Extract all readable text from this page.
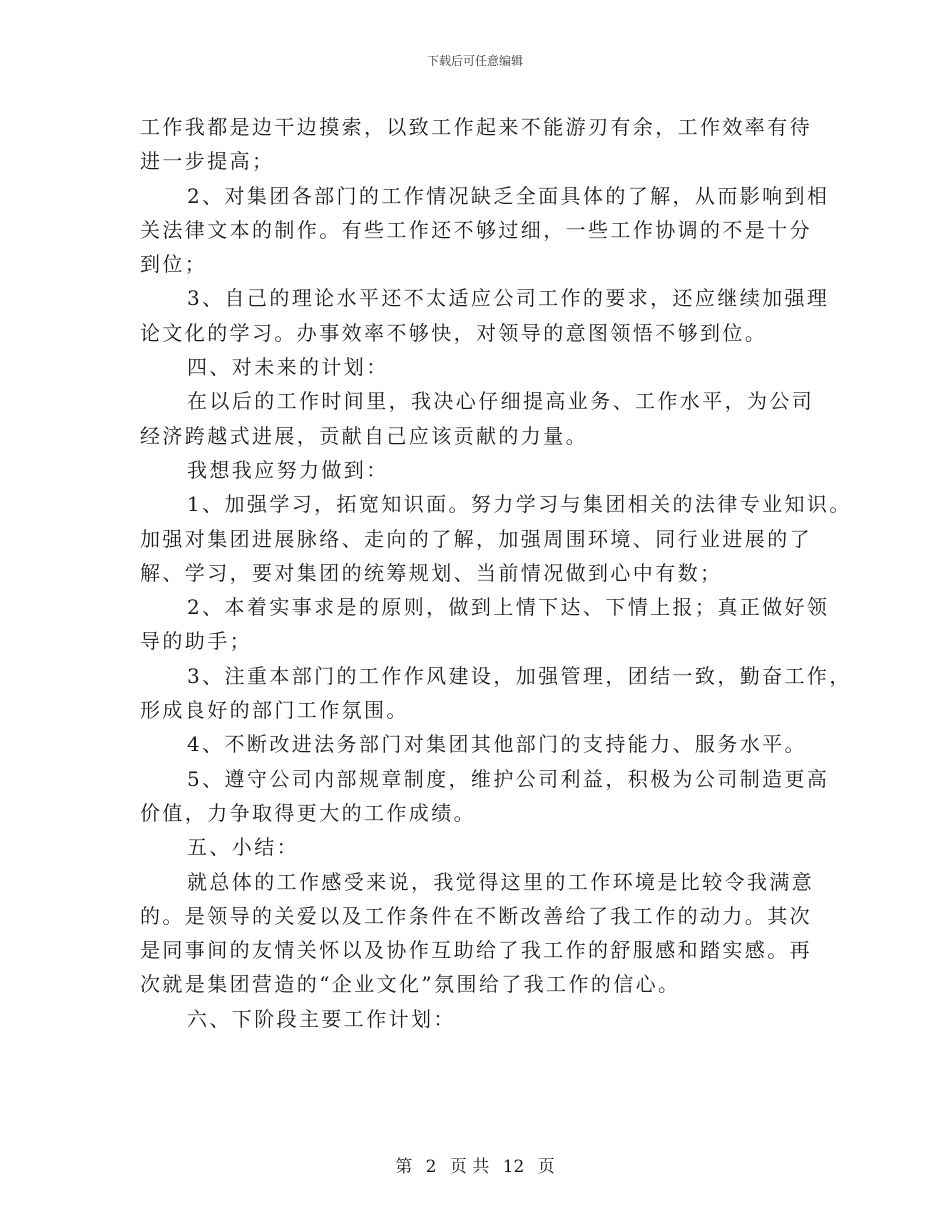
下载后可任意编辑
工作我都是边干边摸索，以致工作起来不能游刃有余，工作效率有待
进一步提高；
2、对集团各部门的工作情况缺乏全面具体的了解，从而影响到相
关法律文本的制作。有些工作还不够过细，一些工作协调的不是十分
到位；
3、自己的理论水平还不太适应公司工作的要求，还应继续加强理
论文化的学习。办事效率不够快，对领导的意图领悟不够到位。
四、对未来的计划：
在以后的工作时间里，我决心仔细提高业务、工作水平，为公司
经济跨越式进展，贡献自己应该贡献的力量。
我想我应努力做到：
1、加强学习，拓宽知识面。努力学习与集团相关的法律专业知识。
加强对集团进展脉络、走向的了解，加强周围环境、同行业进展的了
解、学习，要对集团的统筹规划、当前情况做到心中有数；
2、本着实事求是的原则，做到上情下达、下情上报；真正做好领
导的助手；
3、注重本部门的工作作风建设，加强管理，团结一致，勤奋工作，
形成良好的部门工作氛围。
4、不断改进法务部门对集团其他部门的支持能力、服务水平。
5、遵守公司内部规章制度，维护公司利益，积极为公司制造更高
价值，力争取得更大的工作成绩。
五、小结：
就总体的工作感受来说，我觉得这里的工作环境是比较令我满意
的。是领导的关爱以及工作条件在不断改善给了我工作的动力。其次
是同事间的友情关怀以及协作互助给了我工作的舒服感和踏实感。再
次就是集团营造的“企业文化”氛围给了我工作的信心。
六、下阶段主要工作计划：
第 2 页 共 12 页
